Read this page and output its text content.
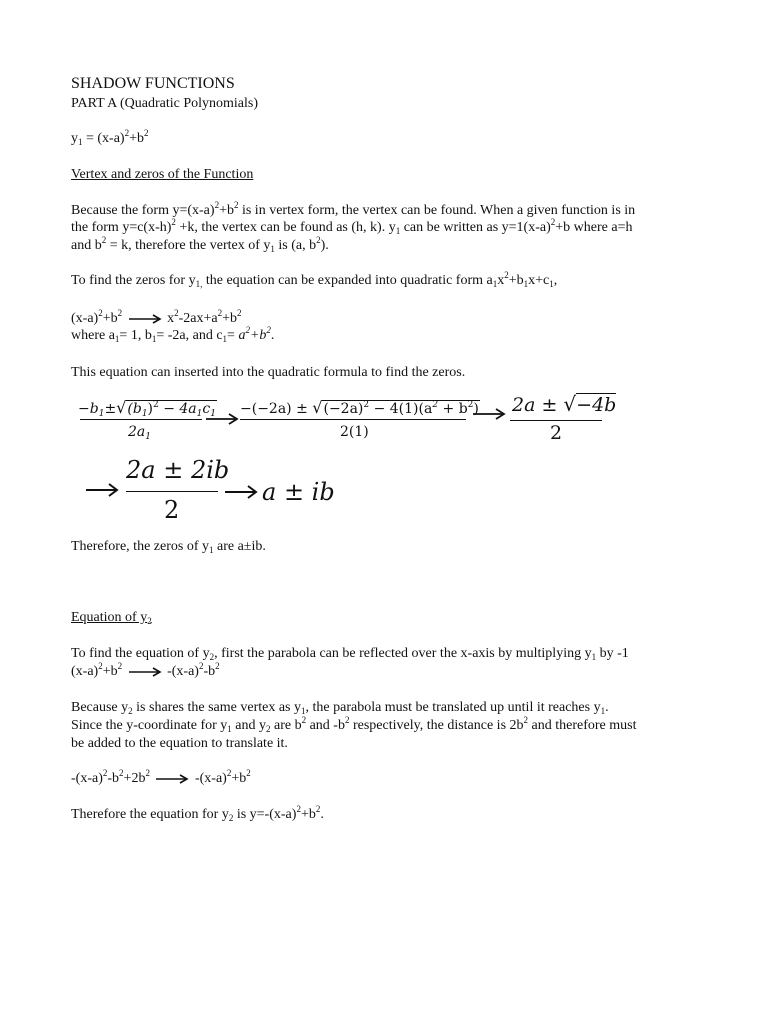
SHADOW FUNCTIONS
PART A (Quadratic Polynomials)
$y_1 = (x-a)^2+b^2$
Vertex and zeros of the Function
Because the form $y=(x-a)^2+b^2$ is in vertex form, the vertex can be found. When a given function is in
the form $y=c(x-h)^2 +k$, the vertex can be found as (h, k). $y_1$ can be written as $y=1(x-a)^2+b$ where a=h
and $b^2 = k$, therefore the vertex of $y_1$ is (a, $b^2$).
To find the zeros for $y_{1,}$ the equation can be expanded into quadratic form $a_1x^2+b_1x+c_1$,
$(x-a)^2+b^2$	$x^2-2ax+a^2+b^2$
where $a_1= 1$, $b_1= -2a$, and $c_1= a^2+b^2$.
This equation can inserted into the quadratic formula to find the zeros.
$-b_1\pm√(b_1)^2 - 4a_1c_1$
$2a_1$
$-(-2a) \pm √(-2a)^2 - 4(1)(a^2 + b^2)$
2(1)
2a ± √−4b
2
2a ± 2ib
2
a ± ib
Therefore, the zeros of $y_1$ are a±ib.
Equation of $y_2$
To find the equation of $y_2$, first the parabola can be reflected over the x-axis by multiplying $y_1$ by -1
$(x-a)^2+b^2$	$-(x-a)^2-b^2$
Because $y_2$ is shares the same vertex as $y_1$, the parabola must be translated up until it reaches $y_1$.
Since the y-coordinate for $y_1$ and $y_2$ are $b^2$ and $-b^2$ respectively, the distance is $2b^2$ and therefore must
be added to the equation to translate it.
$-(x-a)^2-b^2+2b^2$	$-(x-a)^2+b^2$
Therefore the equation for $y_2$ is $y=-(x-a)^2+b^2$.
